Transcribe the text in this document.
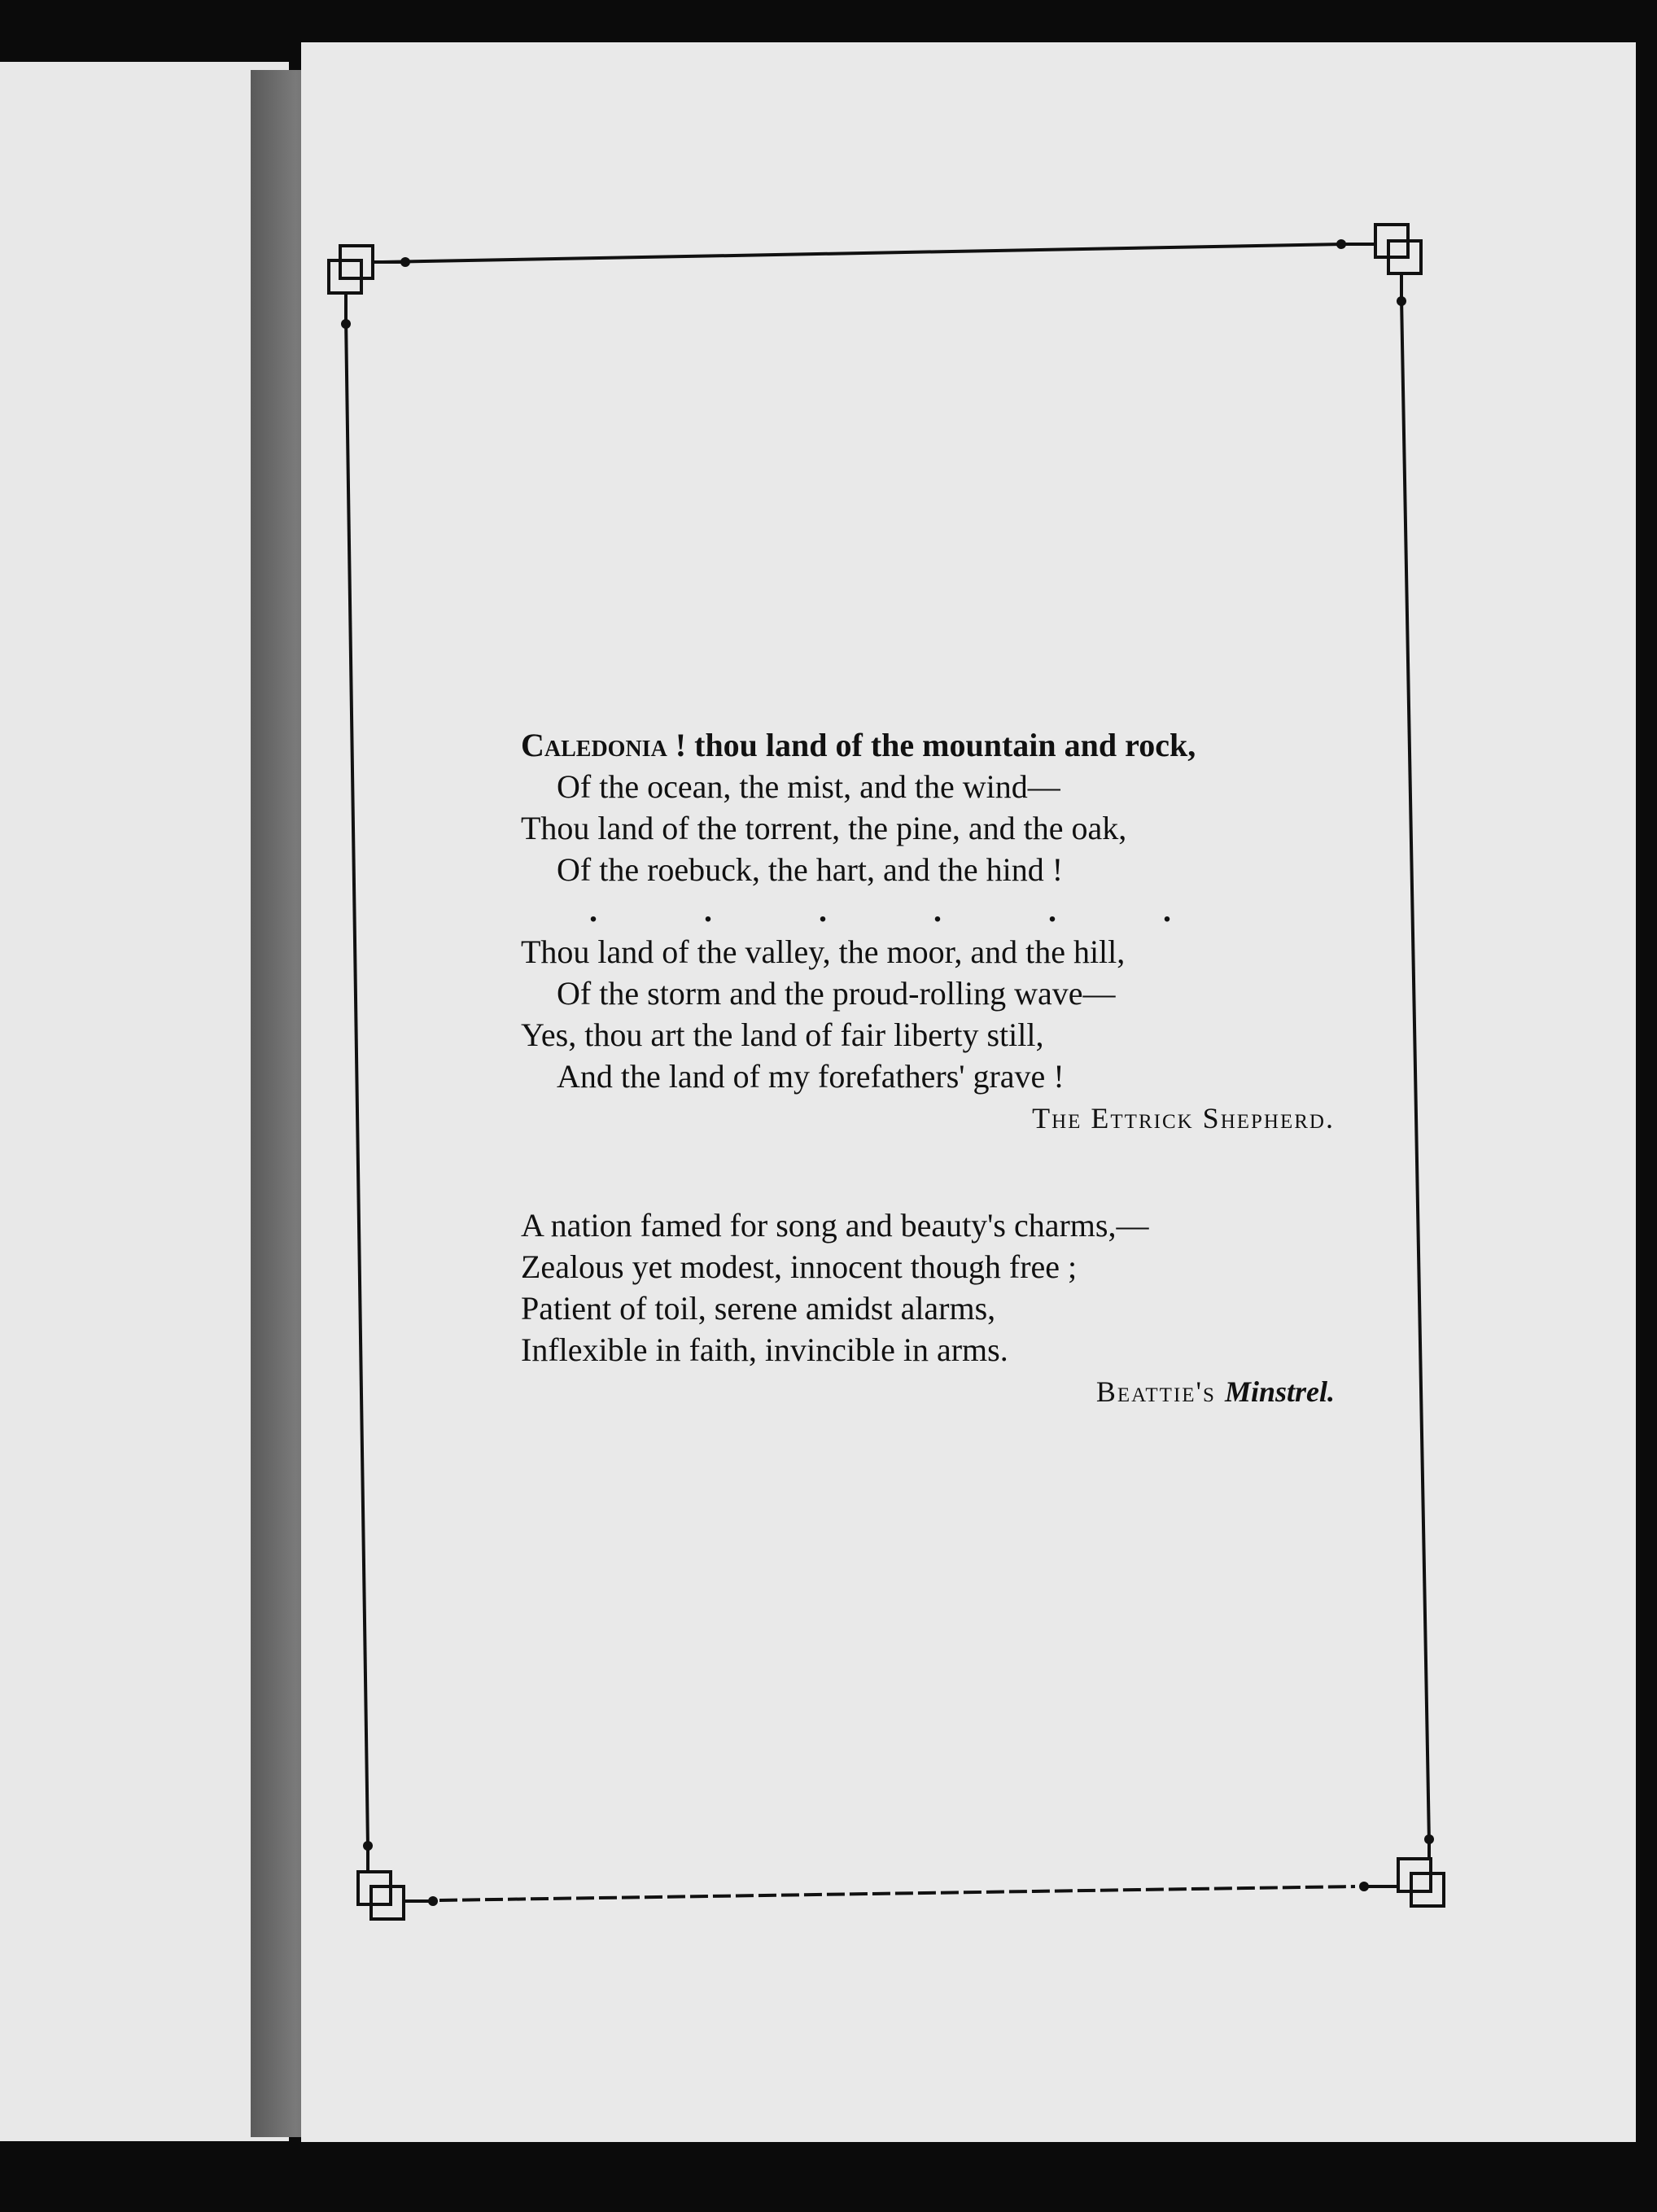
Caledonia ! thou land of the mountain and rock,

Of the ocean, the mist, and the wind—

Thou land of the torrent, the pine, and the oak,

Of the roebuck, the hart, and the hind !

.	.	.	.	.	.

Thou land of the valley, the moor, and the hill,

Of the storm and the proud-rolling wave—

Yes, thou art the land of fair liberty still,

And the land of my forefathers' grave !

The Ettrick Shepherd.

A nation famed for song and beauty's charms,—

Zealous yet modest, innocent though free ;

Patient of toil, serene amidst alarms,

Inflexible in faith, invincible in arms.

Beattie's Minstrel.
